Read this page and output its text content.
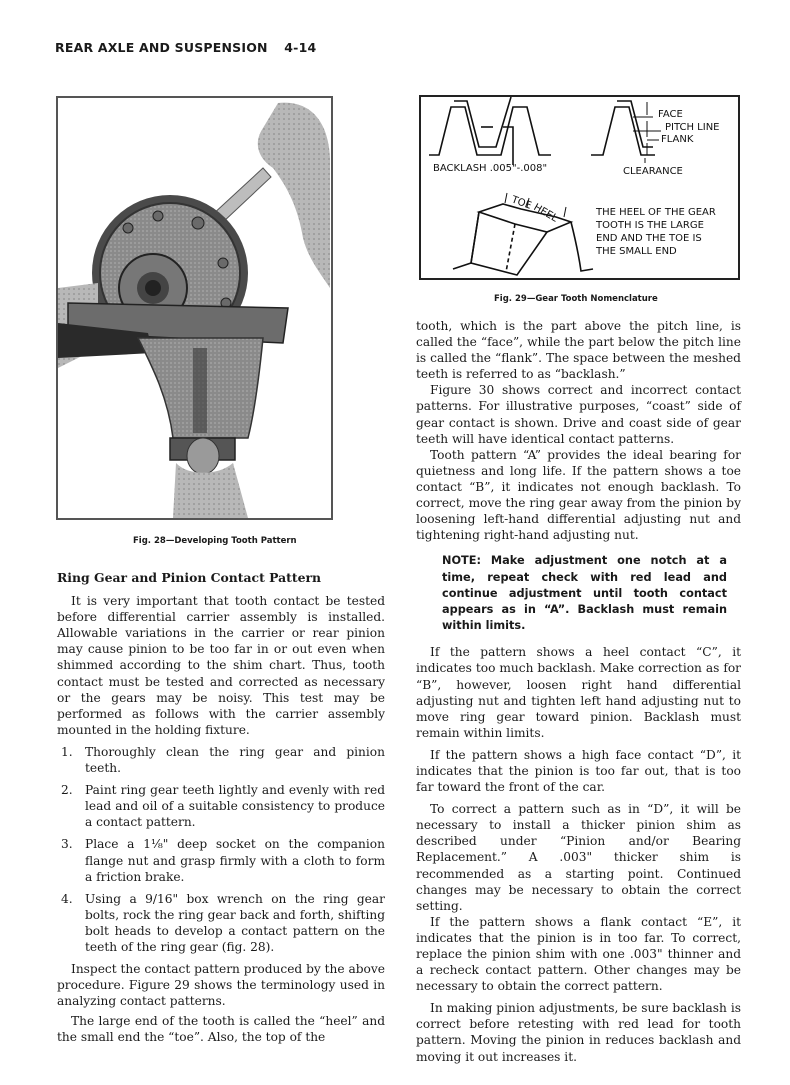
REAR AXLE AND SUSPENSION 4-14
Fig. 28—Developing Tooth Pattern
BACKLASH .005"-.008"
FACE
PITCH LINE
FLANK
CLEARANCE
TOE
HEEL	THE HEEL OF THE GEAR
TOOTH IS THE LARGE
END AND THE TOE IS
THE SMALL END
Fig. 29—Gear Tooth Nomenclature
Ring Gear and Pinion Contact Pattern

It is very important that tooth contact be tested before differential carrier assembly is installed. Allowable variations in the carrier or rear pinion may cause pinion to be too far in or out even when shimmed according to the shim chart. Thus, tooth contact must be tested and corrected as necessary or the gears may be noisy. This test may be performed as follows with the carrier assembly mounted in the holding fixture.

1.	Thoroughly clean the ring gear and pinion teeth.
2.	Paint ring gear teeth lightly and evenly with red lead and oil of a suitable consistency to produce a contact pattern.
3.	Place a 1⅛" deep socket on the companion flange nut and grasp firmly with a cloth to form a friction brake.
4.	Using a 9/16" box wrench on the ring gear bolts, rock the ring gear back and forth, shifting bolt heads to develop a contact pattern on the teeth of the ring gear (fig. 28).

Inspect the contact pattern produced by the above procedure. Figure 29 shows the terminology used in analyzing contact patterns.

The large end of the tooth is called the “heel” and the small end the “toe”. Also, the top of the

tooth, which is the part above the pitch line, is called the “face”, while the part below the pitch line is called the “flank”. The space between the meshed teeth is referred to as “backlash.”

Figure 30 shows correct and incorrect contact patterns. For illustrative purposes, “coast” side of gear contact is shown. Drive and coast side of gear teeth will have identical contact patterns.

Tooth pattern “A” provides the ideal bearing for quietness and long life. If the pattern shows a toe contact “B”, it indicates not enough backlash. To correct, move the ring gear away from the pinion by loosening left-hand differential adjusting nut and tightening right-hand adjusting nut.

NOTE: Make adjustment one notch at a time, repeat check with red lead and continue adjustment until tooth contact appears as in “A”. Backlash must remain within limits.

If the pattern shows a heel contact “C”, it indicates too much backlash. Make correction as for “B”, however, loosen right hand differential adjusting nut and tighten left hand adjusting nut to move ring gear toward pinion. Backlash must remain within limits.

If the pattern shows a high face contact “D”, it indicates that the pinion is too far out, that is too far toward the front of the car.

To correct a pattern such as in “D”, it will be necessary to install a thicker pinion shim as described under “Pinion and/or Bearing Replacement.” A .003" thicker shim is recommended as a starting point. Continued changes may be necessary to obtain the correct setting.

If the pattern shows a flank contact “E”, it indicates that the pinion is in too far. To correct, replace the pinion shim with one .003" thinner and a recheck contact pattern. Other changes may be necessary to obtain the correct pattern.

In making pinion adjustments, be sure backlash is correct before retesting with red lead for tooth pattern. Moving the pinion in reduces backlash and moving it out increases it.
